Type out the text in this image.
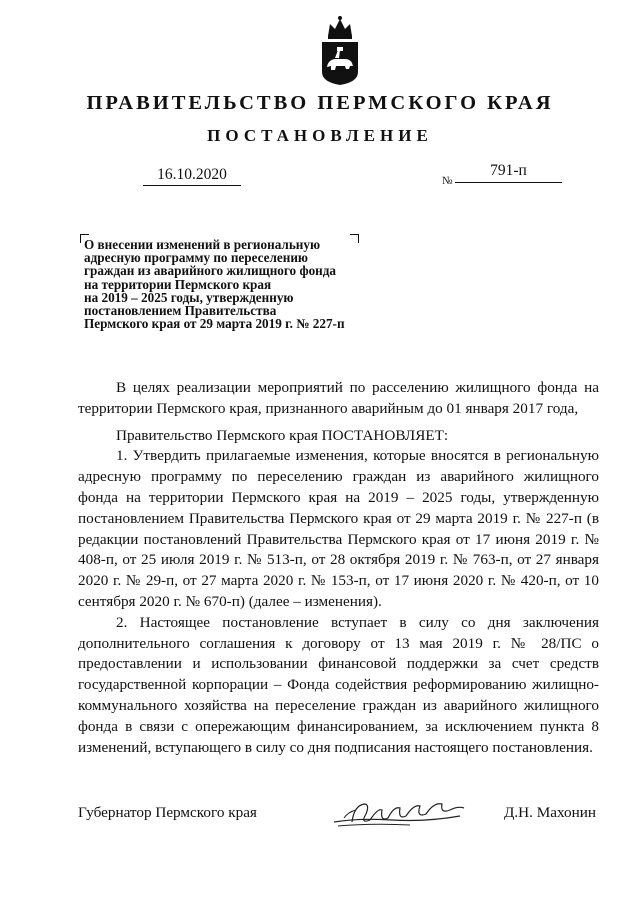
ПРАВИТЕЛЬСТВО ПЕРМСКОГО КРАЯ
ПОСТАНОВЛЕНИЕ
16.10.2020	№
791-п
О внесении изменений в региональную
адресную программу по переселению
граждан из аварийного жилищного фонда
на территории Пермского края
на 2019 – 2025 годы, утвержденную
постановлением Правительства
Пермского края от 29 марта 2019 г. № 227-п

В целях реализации мероприятий по расселению жилищного фонда на территории Пермского края, признанного аварийным до 01 января 2017 года,

Правительство Пермского края ПОСТАНОВЛЯЕТ:

1. Утвердить прилагаемые изменения, которые вносятся в региональную адресную программу по переселению граждан из аварийного жилищного фонда на территории Пермского края на 2019 – 2025 годы, утвержденную постановлением Правительства Пермского края от 29 марта 2019 г. № 227-п (в редакции постановлений Правительства Пермского края от 17 июня 2019 г. № 408-п, от 25 июля 2019 г. № 513-п, от 28 октября 2019 г. № 763-п, от 27 января 2020 г. № 29-п, от 27 марта 2020 г. № 153-п, от 17 июня 2020 г. № 420-п, от 10 сентября 2020 г. № 670-п) (далее – изменения).

2. Настоящее постановление вступает в силу со дня заключения дополнительного соглашения к договору от 13 мая 2019 г. № 28/ПС о предоставлении и использовании финансовой поддержки за счет средств государственной корпорации – Фонда содействия реформированию жилищно-коммунального хозяйства на переселение граждан из аварийного жилищного фонда в связи с опережающим финансированием, за исключением пункта 8 изменений, вступающего в силу со дня подписания настоящего постановления.

Губернатор Пермского края	Д.Н. Махонин
